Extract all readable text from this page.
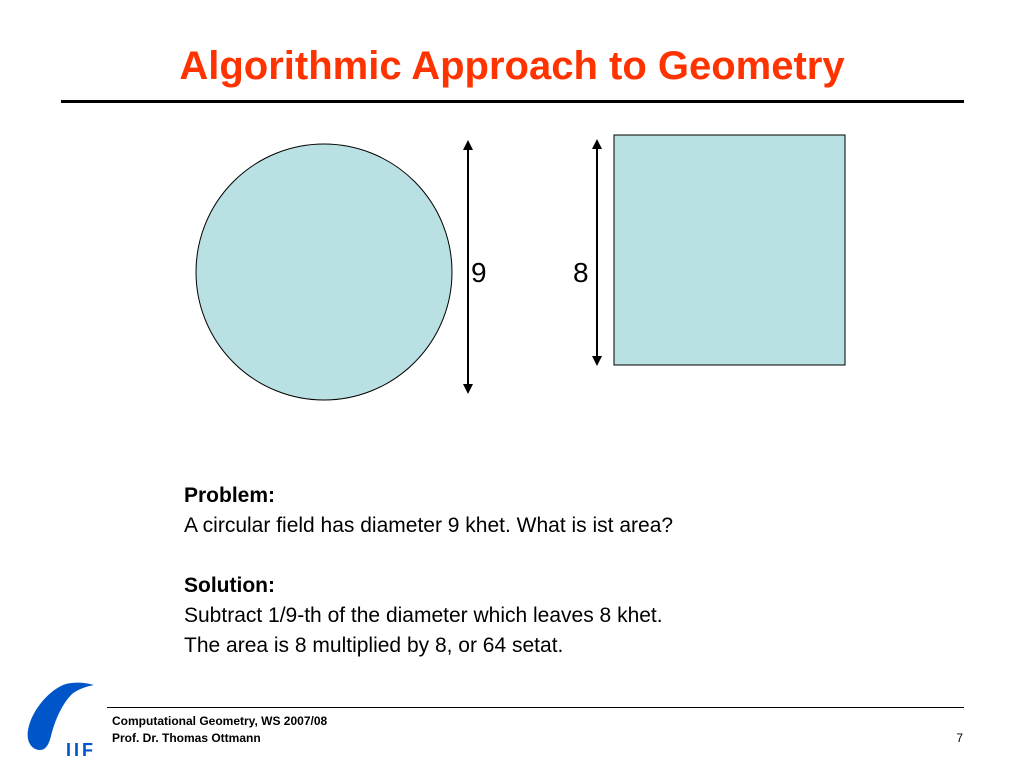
Algorithmic Approach to Geometry
9	8
Problem:
A circular field has diameter 9 khet. What is ist area?
Solution:
Subtract 1/9-th of the diameter which leaves 8 khet.
The area is 8 multiplied by 8, or 64 setat.
IIF
Computational Geometry, WS 2007/08
Prof. Dr. Thomas Ottmann	7
